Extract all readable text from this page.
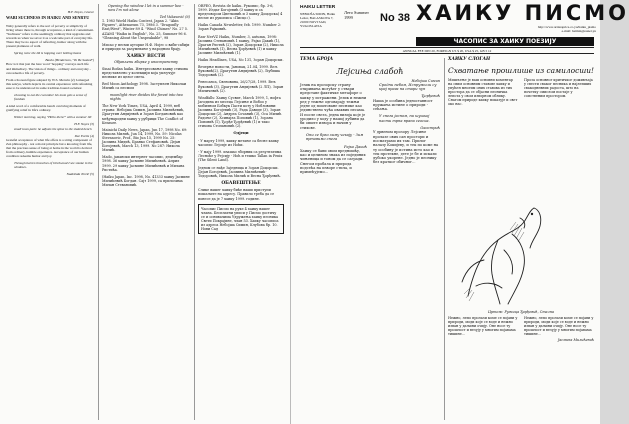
H.F. Noyes, Greece
WABI SUCHNESS IN HAIKU AND SENRYU

Waby generally refers to the sort of poverty or simplicity of living where there is, through acceptance, a kind of contentment. "Suchness" refers to the seemingly ordinary that upgrades and rewards us when we savor it as a welcome part of everyday life. There may be no aspect of reflecting, humor along with the present plainness of wabi.

Spring rain: the lid is hopping over boiling beans

Basho (Henderson, "To Be Seated")

How is it that just the bare word "hopping" conveys such life and immediacy. The vision of things - ordinary and everyday - can redeem a life of poverty.

From a Korean figure adapted by W.S. Merwin (2) I emerged this senryu, which depicts its central experience with refreshing ease to be understood in some tradition-bound societies:

choosing to eat the cucumber his mom gets a sense of freedom

A kind word of a comfortable bench can bring moments of gratifying relief in life's ordinary.

Winter morning, saying "Hello there!" with a summer lilt

H.F. Noyes (3)

small town park: he adjusts his spine to the slatted bench

Dee Evetts (4)

Grateful acceptance of what life offers is a string component of Zen philosophy - not a moral principle but a knowing from life, that the precious sense of being at home in the world is derived from ordinary, humble experience. Acceptance of our human condition redeems humor and joy.

Through barren branches of birchwood I see smoke in the windows.

Nadezhda Terzić (5)

Opening the window I let in a summer bee - now I'm not alone

Ted Vukasović (6)

1. 1983 World Haiku Contest, Japan 2. "Akin Figures", Athenaeum 73, 1986 3. "Dragonfly East/West", Winter 89 4. "Wind Chimes" No. 27 5. AZAMI "Haiku in English", No. 25, Summer 96 6. "Gleaning About the Unspeakable", 98

Мисао у песми ауторке Н.Ф. Нојес о ваби-сабији и природи за разумевање у народном брају.

ХАИКУ ВЕСТИ
Објављени збирке у иностранству

Sinai Rodan haiku. Интересовање хаику стихова представљено у колекцији која укључује песнике из целог света.

Red Moon Anthology 1998. Заступљен Николаи Милић са песмом

moonlight river divides the forest into two nights

The New York Times, USA, April 4, 1999, веб страна: Небојша Симин, Јасмина Милићевић, Драгутин Андијевић и Зоран Богдановић као међународни хаику у рубрици The Conflict of Kensure.

Mainichi Daily News, Japan, Jun 17, 1998 No. 69: Никола Милић, Jun 14, 1999, No. 59: Nicolas Stevanovic, Prof., Bio Jun 15, 1999 No. 25: Јасмина Мидић, Бранко Стефановић. Дејан Богојевић, March 13, 1999. No 287: Никола Милић.

Mado, јапански интернет часопис, децембар 1998. 36 хаику Јасмине Милићевић. Април 1999. 29 хаику Јасмине Милићевић и Милана Ристића.

(Haiku Japan, Inc. 1998, No. 41333 хаику Јасмине Милићевић Богдан. Сајт 1999, са прилозима Милан Стевановић.

ORFEO, Revista de haiku. Рукопис, бр. 3-6, 1999. Издат Богојевић (3 хаику и са предговором Цветковић и 3 хаику Доцорска) 4 песме из рукописа «Писцо»).

Haiku Canada Newsletter, feb. 1999. Number 2: Зоран Рајковић.

Raw NerVZ Haiku, Number, 3, autumn, 1998: Јасмина Стевановић 1 хаику, Рајко Дакић (1), Драган Ристић (2), Зоран Доцорски (2), Никола Милићевић (1), Весна Ђорђевић (1) и хаику Јасмине Милићевић (1).

Haiku Headlines, USA, No 131, Зоран Доцорски.

Вечерње новости, Јановац, 21.04, 1999. Вељ Вуковић(2), Драгутин Андијевић (2), Љубиша Тодоровић (2).

Ренесанса, Свеновина, 26/27/28, 1999. Вељ Вуковић (3), Драгутин Андијевић (2 ЛП), Зоран Миличевић (2).

Windfalls: Хаику Сусвит, March 1999, 1, вофта Јагодина из месеца Лејсиње и Вобоо у мобилном Бобкук Пасти коту у Нобловини: Јасмина Богојевић (3), Рада Давиде (3), Зоран Доцорски (2), Андреа Сочанић (3), Оса Милић Радоње (2), Хсинајла Поповић (1), Зорана Поповић (1), Ђорђе Ђорђевић (1) и тако стихова Стопановић (2).

Одјеци

- У марту 1999, хаику метање са бесне хаику часопис Лејсије из Ноћи.

- У мају 1999. изашао зборник са резултатима Лесноће у Рејсију - Ноћ и тешко Tallan in Fenix (The Silent Land).

Једном се нађе Заједница и Зоран Доцорски. Дејан Богојевић, Јасмина Милићевић-Тодоровић, Никола Милић и Весна Ђорђевић.

ОБАВЕШТЕЊЕ

Слике вашег хаику биће наши приступи пошаљите на адресу. Правило треба да се понесе да је 7 хаику 1999. године.

Часопис Писмо на руке 4 хаику вашег члана. Бесплатни уписи у Писмо достичу се и оснивачима Удружења хаику песника Свети Покрајине, члан 53. Хаику часописа из адреса Небојша Симин, Клубова бр. 10. Нови Сад
HAIKU LETTER
NEBOJŠA SIMIN, Haiku Letter, BALASKOVA 7, 21000 NOVI SAD, YUGOSLAVIA
Лето Summer 1999	No 38 ХАИКУ ПИСМО
http://www.artnnaprice.co.yu/haiku_pismo
e-mail: hsimin@eunet.yu
ЧАСОПИС ЗА ХАИКУ ПОЕЗИЈУ
АNNUAL FEE DIN 20, FOREIGN US $ 20, USA $ 25, GB £ 12
ТЕМА БРОЈА
Лејсиња слабоћ
Небојша Симин

Језик на прозорску страну откривања могућег у ствари представе фактичке метафоре о хаику у истражени. Језик и нежни ред у тежње одговарају тежњи једне од поштоване песнике као јединствено чућа оваквих песама. И после свега, једна визија које је уродило у ходу у нашој дубини да би опште извора и начин у стихове.

Они се брзо зиму чекају - Зим вртовимо снега

Рајко Дакић

Хаику се бави овом вредношћу, као и целином знака из појединих чињеница и тоном да се сагради. Снегом пробала и природа подсећа на изворе стила, и примећујемо...

Сродни небом, Испружили су крај прага на стари чун

Ђорђевић

Наша је особина једноставност пружања истине о природи - сећања.

У снега јасном, на шушкој пасти трна врана сеоска.

Оаострић

У дрвеном прозору Лејсиње пролазе ових сан простори и посматрамо их там. Прилог налазу Кокијеву, и тек по коме на ту особину је истина исто као и тек протекне, дете је бе и искази дубоко укорене. Једно је песнику без кратког обичног...

ХАИКУ СЛОГАН
Схватање прошлише из самилосши!
Мишљење је ваш основни коментар на свим основним ставове хаику и упућен многим оних ставова из тих простора да се објасни песничка лепота у свом изворном облику. Снагом природе хаику показује и свет око нас.
Проза основног критичког доживљаја у свести сваког песника и најлепших свакодневних радоста, што на почетку смислом постаје у сопственим простором.
Цртеж: Ружица Ђорђевић, Стална
Нежно, лепо пролази коме се појави у природи, моди које се воде и нежно изван у даљини очију. Оне носе ту прошлост и везују у многим појавама тишине...
Нежно, лепо пролази коме се појави у природи, моди које се воде и нежно изван у даљини очију. Оне носе ту прошлост и везују у многим појавама тишине...
Јасмина Милићевић
